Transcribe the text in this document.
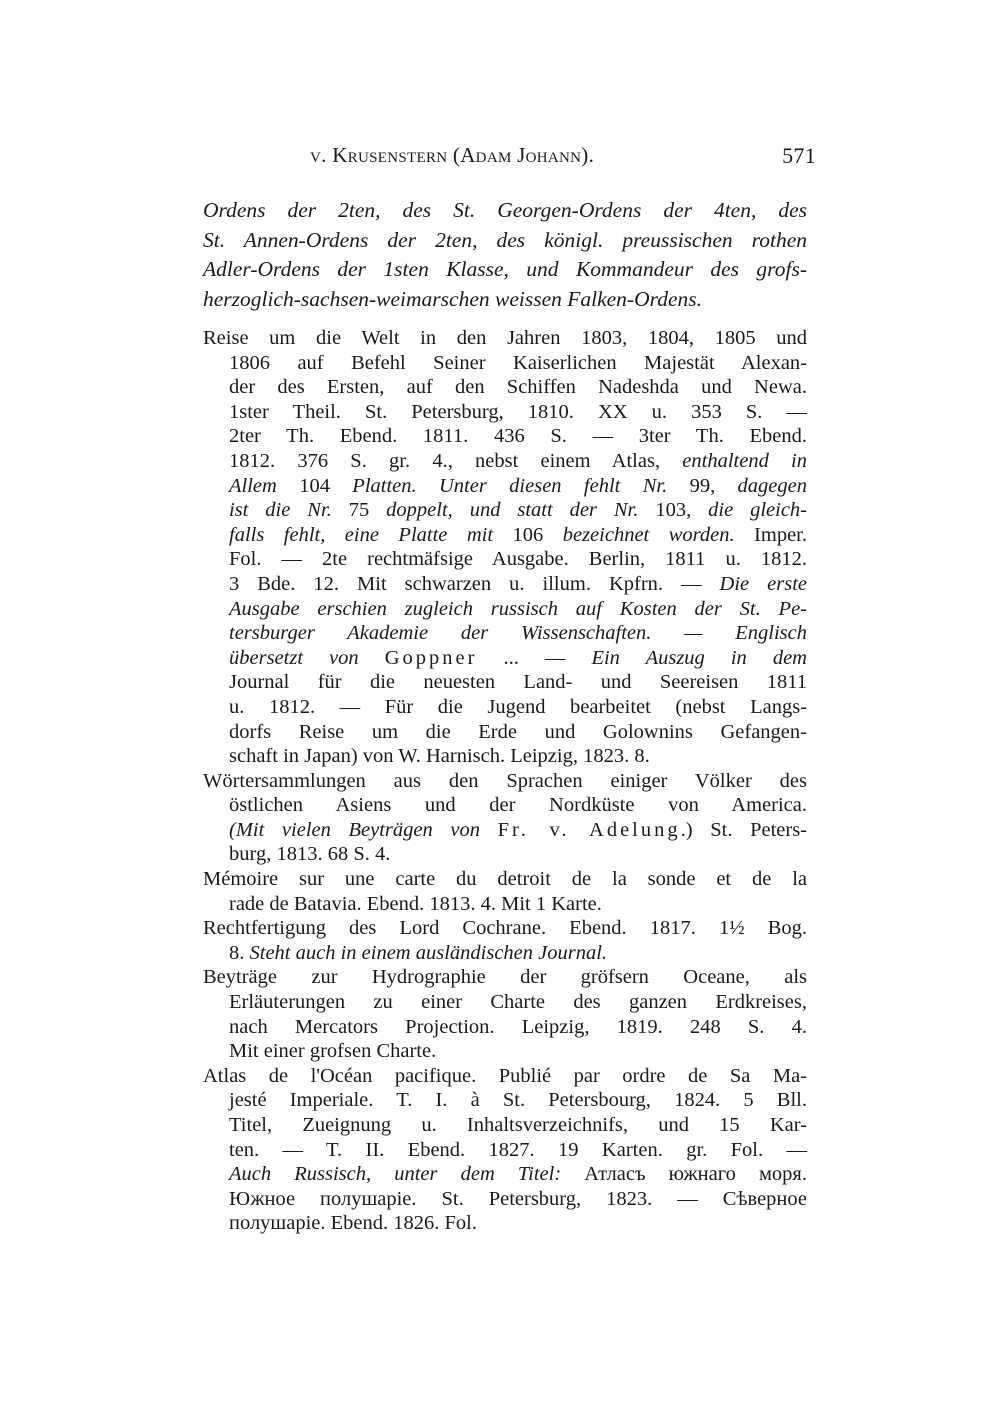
v. Krusenstern (Adam Johann).	571
Ordens der 2ten, des St. Georgen-Ordens der 4ten, des
St. Annen-Ordens der 2ten, des königl. preussischen rothen
Adler-Ordens der 1sten Klasse, und Kommandeur des grofs-
herzoglich-sachsen-weimarschen weissen Falken-Ordens.
Reise um die Welt in den Jahren 1803, 1804, 1805 und
1806 auf Befehl Seiner Kaiserlichen Majestät Alexan-
der des Ersten, auf den Schiffen Nadeshda und Newa.
1ster Theil. St. Petersburg, 1810. XX u. 353 S. —
2ter Th. Ebend. 1811. 436 S. — 3ter Th. Ebend.
1812. 376 S. gr. 4., nebst einem Atlas, enthaltend in
Allem 104 Platten. Unter diesen fehlt Nr. 99, dagegen
ist die Nr. 75 doppelt, und statt der Nr. 103, die gleich-
falls fehlt, eine Platte mit 106 bezeichnet worden. Imper.
Fol. — 2te rechtmäfsige Ausgabe. Berlin, 1811 u. 1812.
3 Bde. 12. Mit schwarzen u. illum. Kpfrn. — Die erste
Ausgabe erschien zugleich russisch auf Kosten der St. Pe-
tersburger Akademie der Wissenschaften. — Englisch
übersetzt von Goppner ... — Ein Auszug in dem
Journal für die neuesten Land- und Seereisen 1811
u. 1812. — Für die Jugend bearbeitet (nebst Langs-
dorfs Reise um die Erde und Golownins Gefangen-
schaft in Japan) von W. Harnisch. Leipzig, 1823. 8.
Wörtersammlungen aus den Sprachen einiger Völker des
östlichen Asiens und der Nordküste von America.
(Mit vielen Beyträgen von Fr. v. Adelung.) St. Peters-
burg, 1813. 68 S. 4.
Mémoire sur une carte du detroit de la sonde et de la
rade de Batavia. Ebend. 1813. 4. Mit 1 Karte.
Rechtfertigung des Lord Cochrane. Ebend. 1817. 1½ Bog.
8. Steht auch in einem ausländischen Journal.
Beyträge zur Hydrographie der gröfsern Oceane, als
Erläuterungen zu einer Charte des ganzen Erdkreises,
nach Mercators Projection. Leipzig, 1819. 248 S. 4.
Mit einer grofsen Charte.
Atlas de l'Océan pacifique. Publié par ordre de Sa Ma-
jesté Imperiale. T. I. à St. Petersbourg, 1824. 5 Bll.
Titel, Zueignung u. Inhaltsverzeichnifs, und 15 Kar-
ten. — T. II. Ebend. 1827. 19 Karten. gr. Fol. —
Auch Russisch, unter dem Titel: Атласъ южнаго моря.
Южное полушаріе. St. Petersburg, 1823. — Сѣверное
полушаріе. Ebend. 1826. Fol.
